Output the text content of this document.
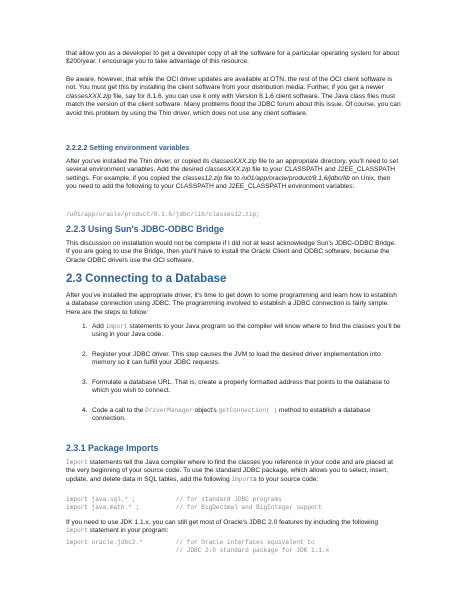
that allow you as a developer to get a developer copy of all the software for a particular operating system for about $200/year. I encourage you to take advantage of this resource.

Be aware, however, that while the OCI driver updates are available at OTN, the rest of the OCI client software is not. You must get this by installing the client software from your distribution media. Further, if you get a newer classesXXX.zip file, say for 8.1.6, you can use it only with Version 8.1.6 client software. The Java class files must match the version of the client software. Many problems flood the JDBC forum about this issue. Of course, you can avoid this problem by using the Thin driver, which does not use any client software.

2.2.2.2 Setting environment variables

After you've installed the Thin driver, or copied its classesXXX.zip file to an appropriate directory, you'll need to set several environment variables. Add the desired classesXXX.zip file to your CLASSPATH and J2EE_CLASSPATH settings. For example, if you copied the classes12.zip file to /u01/app/oracle/product/8.1.6/jdbc/lib on Unix, then you need to add the following to your CLASSPATH and J2EE_CLASSPATH environment variables:

/u01/app/oracle/product/8.1.6/jdbc/lib/classes12.zip;
2.2.3 Using Sun's JDBC-ODBC Bridge

This discussion on installation would not be complete if I did not at least acknowledge Sun's JDBC-ODBC Bridge. If you are going to use the Bridge, then you'll have to install the Oracle Client and ODBC software, because the Oracle ODBC drivers use the OCI software.

2.3 Connecting to a Database

After you've installed the appropriate driver, it's time to get down to some programming and learn how to establish a database connection using JDBC. The programming involved to establish a JDBC connection is fairly simple. Here are the steps to follow:

1. Add import statements to your Java program so the compiler will know where to find the classes you'll be using in your Java code.
2. Register your JDBC driver. This step causes the JVM to load the desired driver implementation into memory so it can fulfill your JDBC requests.
3. Formulate a database URL. That is, create a properly formatted address that points to the database to which you wish to connect.
4. Code a call to the DriverManager object's getConnection( ) method to establish a database connection.
2.3.1 Package Imports

Import statements tell the Java compiler where to find the classes you reference in your code and are placed at the very beginning of your source code. To use the standard JDBC package, which allows you to select, insert, update, and delete data in SQL tables, add the following imports to your source code:

import java.sql.* ;           // for standard JDBC programs
import java.math.* ;          // for BigDecimal and BigInteger support

If you need to use JDK 1.1.x, you can still get most of Oracle's JDBC 2.0 features by including the following import statement in your program:

import oracle.jdbc2.*         // for Oracle interfaces equivalent to
// JDBC 2.0 standard package for JDK 1.1.x
